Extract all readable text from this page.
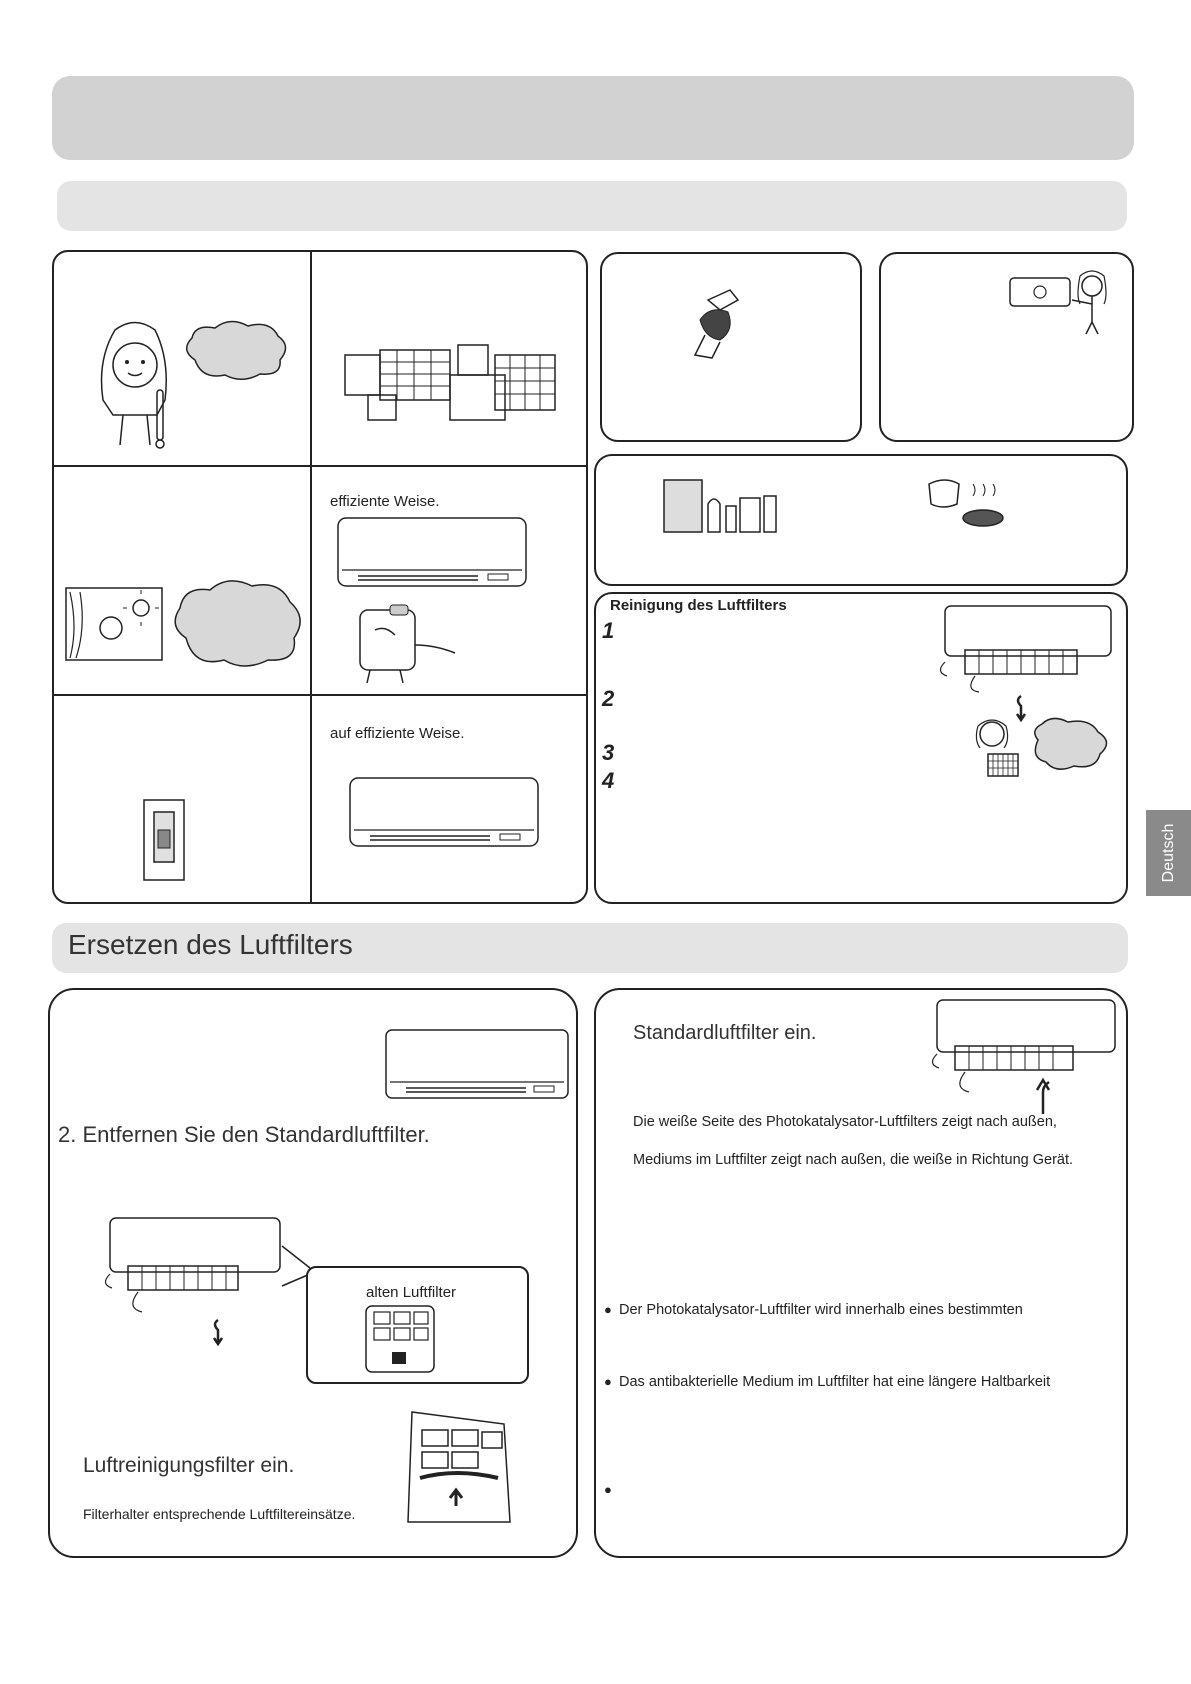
effiziente Weise.
auf effiziente Weise.
Reinigung des Luftfilters
1
2
3
4
Deutsch
Ersetzen des Luftfilters
2. Entfernen Sie den Standardluftfilter.
alten Luftfilter
Luftreinigungsfilter ein.
Filterhalter entsprechende Luftfiltereinsätze.
Standardluftfilter ein.
Die weiße Seite des Photokatalysator-Luftfilters zeigt nach außen,
Mediums im Luftfilter zeigt nach außen, die weiße in Richtung Gerät.
● Der Photokatalysator-Luftfilter wird innerhalb eines bestimmten
● Das antibakterielle Medium im Luftfilter hat eine längere Haltbarkeit
●
